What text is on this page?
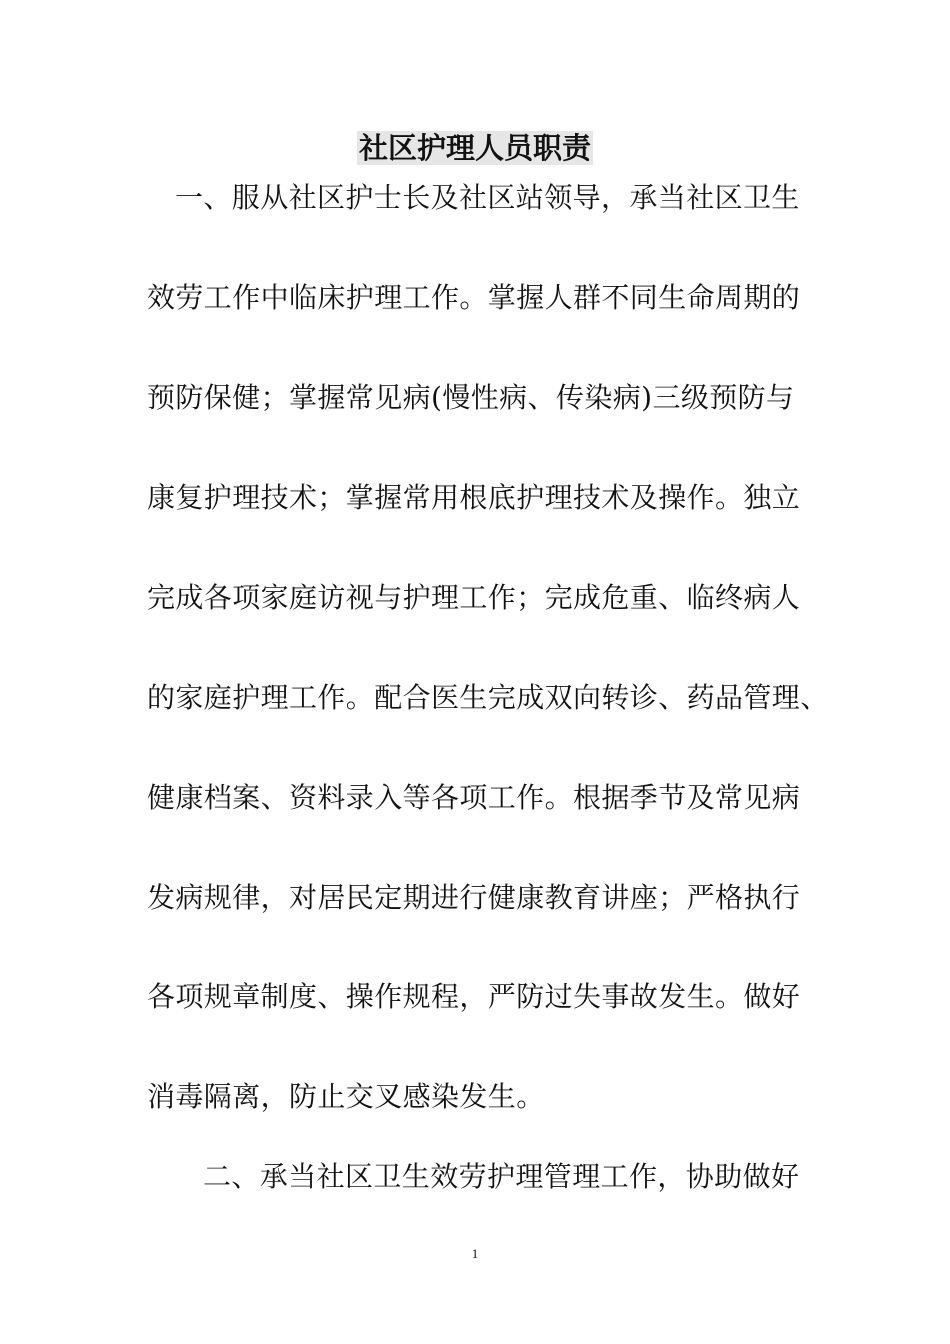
社区护理人员职责
一、服从社区护士长及社区站领导，承当社区卫生
效劳工作中临床护理工作。掌握人群不同生命周期的
预防保健；掌握常见病(慢性病、传染病)三级预防与
康复护理技术；掌握常用根底护理技术及操作。独立
完成各项家庭访视与护理工作；完成危重、临终病人
的家庭护理工作。配合医生完成双向转诊、药品管理、
健康档案、资料录入等各项工作。根据季节及常见病
发病规律，对居民定期进行健康教育讲座；严格执行
各项规章制度、操作规程，严防过失事故发生。做好
消毒隔离，防止交叉感染发生。
二、承当社区卫生效劳护理管理工作，协助做好
1
